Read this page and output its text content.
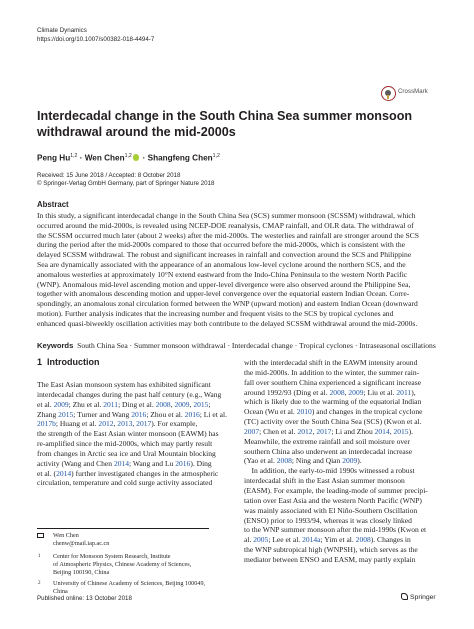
Climate Dynamics
https://doi.org/10.1007/s00382-018-4494-7
CrossMark
Interdecadal change in the South China Sea summer monsoon withdrawal around the mid-2000s
Peng Hu$^{1,2}$ · Wen Chen$^{1,2}$ · Shangfeng Chen$^{1,2}$
Received: 15 June 2018 / Accepted: 8 October 2018
© Springer-Verlag GmbH Germany, part of Springer Nature 2018
Abstract
In this study, a significant interdecadal change in the South China Sea (SCS) summer monsoon (SCSSM) withdrawal, which
occurred around the mid-2000s, is revealed using NCEP-DOE reanalysis, CMAP rainfall, and OLR data. The withdrawal of
the SCSSM occurred much later (about 2 weeks) after the mid-2000s. The westerlies and rainfall are stronger around the SCS
during the period after the mid-2000s compared to those that occurred before the mid-2000s, which is consistent with the
delayed SCSSM withdrawal. The robust and significant increases in rainfall and convection around the SCS and Philippine
Sea are dynamically associated with the appearance of an anomalous low-level cyclone around the northern SCS, and the
anomalous westerlies at approximately 10°N extend eastward from the Indo-China Peninsula to the western North Pacific
(WNP). Anomalous mid-level ascending motion and upper-level divergence were also observed around the Philippine Sea,
together with anomalous descending motion and upper-level convergence over the equatorial eastern Indian Ocean. Corre-
spondingly, an anomalous zonal circulation formed between the WNP (upward motion) and eastern Indian Ocean (downward
motion). Further analysis indicates that the increasing number and frequent visits to the SCS by tropical cyclones and
enhanced quasi-biweekly oscillation activities may both contribute to the delayed SCSSM withdrawal around the mid-2000s.
Keywords South China Sea · Summer monsoon withdrawal · Interdecadal change · Tropical cyclones · Intraseasonal oscillations
1 Introduction
The East Asian monsoon system has exhibited significant
interdecadal changes during the past half century (e.g., Wang
et al. 2009; Zhu et al. 2011; Ding et al. 2008, 2009, 2015;
Zhang 2015; Turner and Wang 2016; Zhou et al. 2016; Li et al.
2017b; Huang et al. 2012, 2013, 2017). For example,
the strength of the East Asian winter monsoon (EAWM) has
re-amplified since the mid-2000s, which may partly result
from changes in Arctic sea ice and Ural Mountain blocking
activity (Wang and Chen 2014; Wang and Lu 2016). Ding
et al. (2014) further investigated changes in the atmospheric
circulation, temperature and cold surge activity associated
with the interdecadal shift in the EAWM intensity around
the mid-2000s. In addition to the winter, the summer rain-
fall over southern China experienced a significant increase
around 1992/93 (Ding et al. 2008, 2009; Liu et al. 2011),
which is likely due to the warming of the equatorial Indian
Ocean (Wu et al. 2010) and changes in the tropical cyclone
(TC) activity over the South China Sea (SCS) (Kwon et al.
2007; Chen et al. 2012, 2017; Li and Zhou 2014, 2015).
Meanwhile, the extreme rainfall and soil moisture over
southern China also underwent an interdecadal increase
(Yao et al. 2008; Ning and Qian 2009).
In addition, the early-to-mid 1990s witnessed a robust
interdecadal shift in the East Asian summer monsoon
(EASM). For example, the leading-mode of summer precipi-
tation over East Asia and the western North Pacific (WNP)
was mainly associated with El Niño-Southern Oscillation
(ENSO) prior to 1993/94, whereas it was closely linked
to the WNP summer monsoon after the mid-1990s (Kwon et
al. 2005; Lee et al. 2014a; Yim et al. 2008). Changes in
the WNP subtropical high (WNPSH), which serves as the
mediator between ENSO and EASM, may partly explain
Wen Chen
chenw@mail.iap.ac.cn
1 Center for Monsoon System Research, Institute
of Atmospheric Physics, Chinese Academy of Sciences,
Beijing 100190, China
2 University of Chinese Academy of Sciences, Beijing 100049,
China
Published online: 13 October 2018	Springer
